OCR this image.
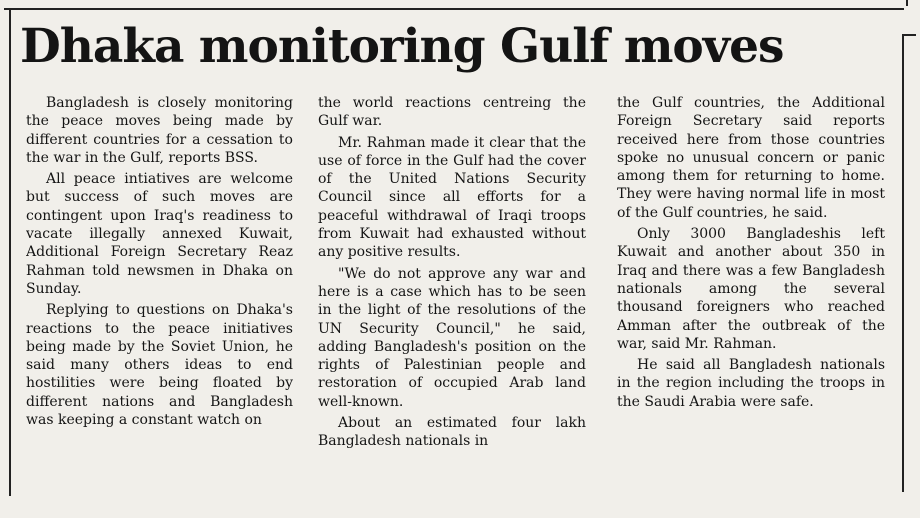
Dhaka monitoring Gulf moves

Bangladesh is closely monitoring the peace moves being made by different countries for a cessation to the war in the Gulf, reports BSS.

All peace intiatives are welcome but success of such moves are contingent upon Iraq's readiness to vacate illegally annexed Kuwait, Additional Foreign Secretary Reaz Rahman told newsmen in Dhaka on Sunday.

Replying to questions on Dhaka's reactions to the peace initiatives being made by the Soviet Union, he said many others ideas to end hostilities were being floated by different nations and Bangladesh was keeping a constant watch on

the world reactions centreing the Gulf war.

Mr. Rahman made it clear that the use of force in the Gulf had the cover of the United Nations Security Council since all efforts for a peaceful withdrawal of Iraqi troops from Kuwait had exhausted without any positive results.

"We do not approve any war and here is a case which has to be seen in the light of the resolutions of the UN Security Council," he said, adding Bangladesh's position on the rights of Palestinian people and restoration of occupied Arab land well-known.

About an estimated four lakh Bangladesh nationals in

the Gulf countries, the Additional Foreign Secretary said reports received here from those countries spoke no unusual concern or panic among them for returning to home. They were having normal life in most of the Gulf countries, he said.

Only 3000 Bangladeshis left Kuwait and another about 350 in Iraq and there was a few Bangladesh nationals among the several thousand foreigners who reached Amman after the outbreak of the war, said Mr. Rahman.

He said all Bangladesh nationals in the region including the troops in the Saudi Arabia were safe.
